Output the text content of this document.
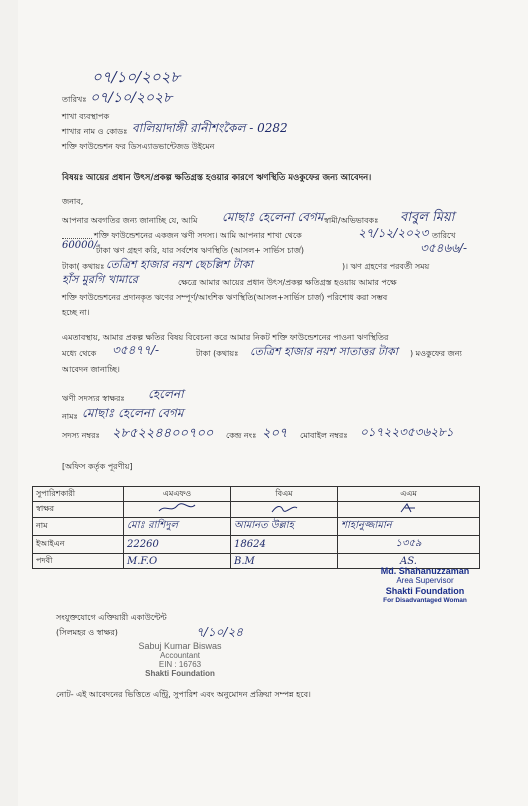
০৭/১০/২০২৮
তারিখঃ ০৭/১০/২০২৮
শাখা ব্যবস্থাপক
শাখার নাম ও কোডঃ বালিয়াদাঙ্গী রানীশংকৈল - 0282
শক্তি ফাউন্ডেশন ফর ডিসএ্যাডভান্টেজড উইমেন
বিষয়ঃ আয়ের প্রধান উৎস/প্রকল্প ক্ষতিগ্রস্ত হওয়ার কারণে ঋণস্থিতি মওকুফের জন্য আবেদন।
জনাব,
আপনার অবগতির জন্য জানাচ্ছি যে, আমি মোছাঃ হেলেনা বেগম স্বামী/অভিভাবকঃ বাবুল মিয়া
শক্তি ফাউন্ডেশনের একজন ঋণী সদস্য। আমি আপনার শাখা থেকে	২৭/১২/২০২৩ তারিখে
60000/-
টাকা ঋণ গ্রহণ করি, যার সর্বশেষ ঋণস্থিতি (আসল+ সার্ভিস চার্জ)	৩৫৪৬৬/-
টাকা( কথায়ঃ তেত্রিশ হাজার নয়শ ছেচল্লিশ টাকা	)। ঋণ গ্রহণের পরবর্তী সময়
হাঁস মুরগি খামারে	ক্ষেত্রে আমার আয়ের প্রধান উৎস/প্রকল্প ক্ষতিগ্রস্ত হওয়ায় আমার পক্ষে
শক্তি ফাউন্ডেশনের প্রদানকৃত ঋণের সম্পূর্ণ/আংশিক ঋণস্থিতি(আসল+সার্ভিস চার্জ) পরিশোধ করা সম্ভব
হচ্ছে না।
এমতাবস্থায়, আমার প্রকল্প ক্ষতির বিষয় বিবেচনা করে আমার নিকট শক্তি ফাউন্ডেশনের পাওনা ঋণস্থিতির
মধ্যে থেকে ৩৫৪৭৭/-	টাকা (কথায়ঃ তেত্রিশ হাজার নয়শ সাতাত্তর টাকা ) মওকুফের জন্য
আবেদন জানাচ্ছি।
ঋণী সদস্যর স্বাক্ষরঃ হেলেনা
নামঃ মোছাঃ হেলেনা বেগম
সদস্য নম্বরঃ ২৮৫২২৪৪০০৭০০ কেন্দ্র নংঃ ২০৭ মোবাইল নম্বরঃ ০১৭২২৩৫৩৬২৮১
[অফিস কর্তৃক পূরণীয়]
সুপারিশকারী	এমএফও	বিএম	এএম
স্বাক্ষর			
নাম	মোঃ রাশিদুল	আমানত উল্লাহ	শাহানুজ্জামান
ইআইএন	22260	18624	১৩৫৯
পদবী	M.F.O	B.M	AS.
Md. Shahanuzzaman
Area Supervisor
Shakti Foundation
For Disadvantaged Woman
সংযুক্তযোগে এক্তিয়ারী একাউন্টেন্ট
(সিলমহর ও স্বাক্ষর)	৭/১০/২৪
Sabuj Kumar Biswas
Accountant
EIN : 16763
Shakti Foundation
নোট- এই আবেদনের ভিত্তিতে এন্ট্রি, সুপারিশ এবং অনুমোদন প্রক্রিয়া সম্পন্ন হবে।
